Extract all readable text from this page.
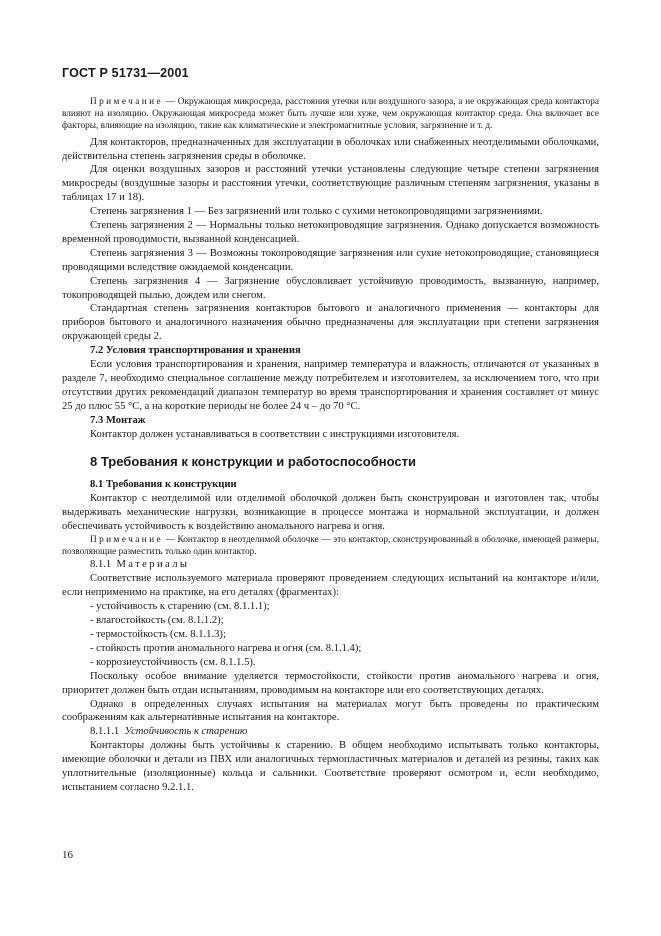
ГОСТ Р 51731—2001

Примечание — Окружающая микросреда, расстояния утечки или воздушного зазора, а не окружающая среда контактора влияют на изоляцию. Окружающая микросреда может быть лучше или хуже, чем окружающая контактор среда. Она включает все факторы, влияющие на изоляцию, такие как климатические и электромагнитные условия, загрязнение и т. д.

Для контакторов, предназначенных для эксплуатации в оболочках или снабженных неотделимыми оболочками, действительна степень загрязнения среды в оболочке.

Для оценки воздушных зазоров и расстояний утечки установлены следующие четыре степени загрязнения микросреды (воздушные зазоры и расстояния утечки, соответствующие различным степеням загрязнения, указаны в таблицах 17 и 18).

Степень загрязнения 1 — Без загрязнений или только с сухими нетокопроводящими загрязнениями.

Степень загрязнения 2 — Нормальны только нетокопроводящие загрязнения. Однако допускается возможность временной проводимости, вызванной конденсацией.

Степень загрязнения 3 — Возможны токопроводящие загрязнения или сухие нетокопроводящие, становящиеся проводящими вследствие ожидаемой конденсации.

Степень загрязнения 4 — Загрязнение обусловливает устойчивую проводимость, вызванную, например, токопроводящей пылью, дождем или снегом.

Стандартная степень загрязнения контакторов бытового и аналогичного применения — контакторы для приборов бытового и аналогичного назначения обычно предназначены для эксплуатации при степени загрязнения окружающей среды 2.

7.2 Условия транспортирования и хранения

Если условия транспортирования и хранения, например температура и влажность, отличаются от указанных в разделе 7, необходимо специальное соглашение между потребителем и изготовителем, за исключением того, что при отсутствии других рекомендаций диапазон температур во время транспортирования и хранения составляет от минус 25 до плюс 55 °С, а на короткие периоды не более 24 ч – до 70 °С.

7.3 Монтаж

Контактор должен устанавливаться в соответствии с инструкциями изготовителя.

8 Требования к конструкции и работоспособности

8.1 Требования к конструкции

Контактор с неотделимой или отделимой оболочкой должен быть сконструирован и изготовлен так, чтобы выдерживать механические нагрузки, возникающие в процессе монтажа и нормальной эксплуатации, и должен обеспечивать устойчивость к воздействию аномального нагрева и огня.

Примечание — Контактор в неотделимой оболочке — это контактор, сконструированный в оболочке, имеющей размеры, позволяющие разместить только один контактор.

8.1.1 Материалы

Соответствие используемого материала проверяют проведением следующих испытаний на контакторе и/или, если неприменимо на практике, на его деталях (фрагментах):

- устойчивость к старению (см. 8.1.1.1);

- влагостойкость (см. 8.1.1.2);

- термостойкость (см. 8.1.1.3);

- стойкость против аномального нагрева и огня (см. 8.1.1.4);

- коррозиеустойчивость (см. 8.1.1.5).

Поскольку особое внимание уделяется термостойкости, стойкости против аномального нагрева и огня, приоритет должен быть отдан испытаниям, проводимым на контакторе или его соответствующих деталях.

Однако в определенных случаях испытания на материалах могут быть проведены по практическим соображениям как альтернативные испытания на контакторе.

8.1.1.1 Устойчивость к старению

Контакторы должны быть устойчивы к старению. В общем необходимо испытывать только контакторы, имеющие оболочки и детали из ПВХ или аналогичных термопластичных материалов и деталей из резины, таких как уплотнительные (изоляционные) кольца и сальники. Соответствие проверяют осмотром и, если необходимо, испытанием согласно 9.2.1.1.

16
